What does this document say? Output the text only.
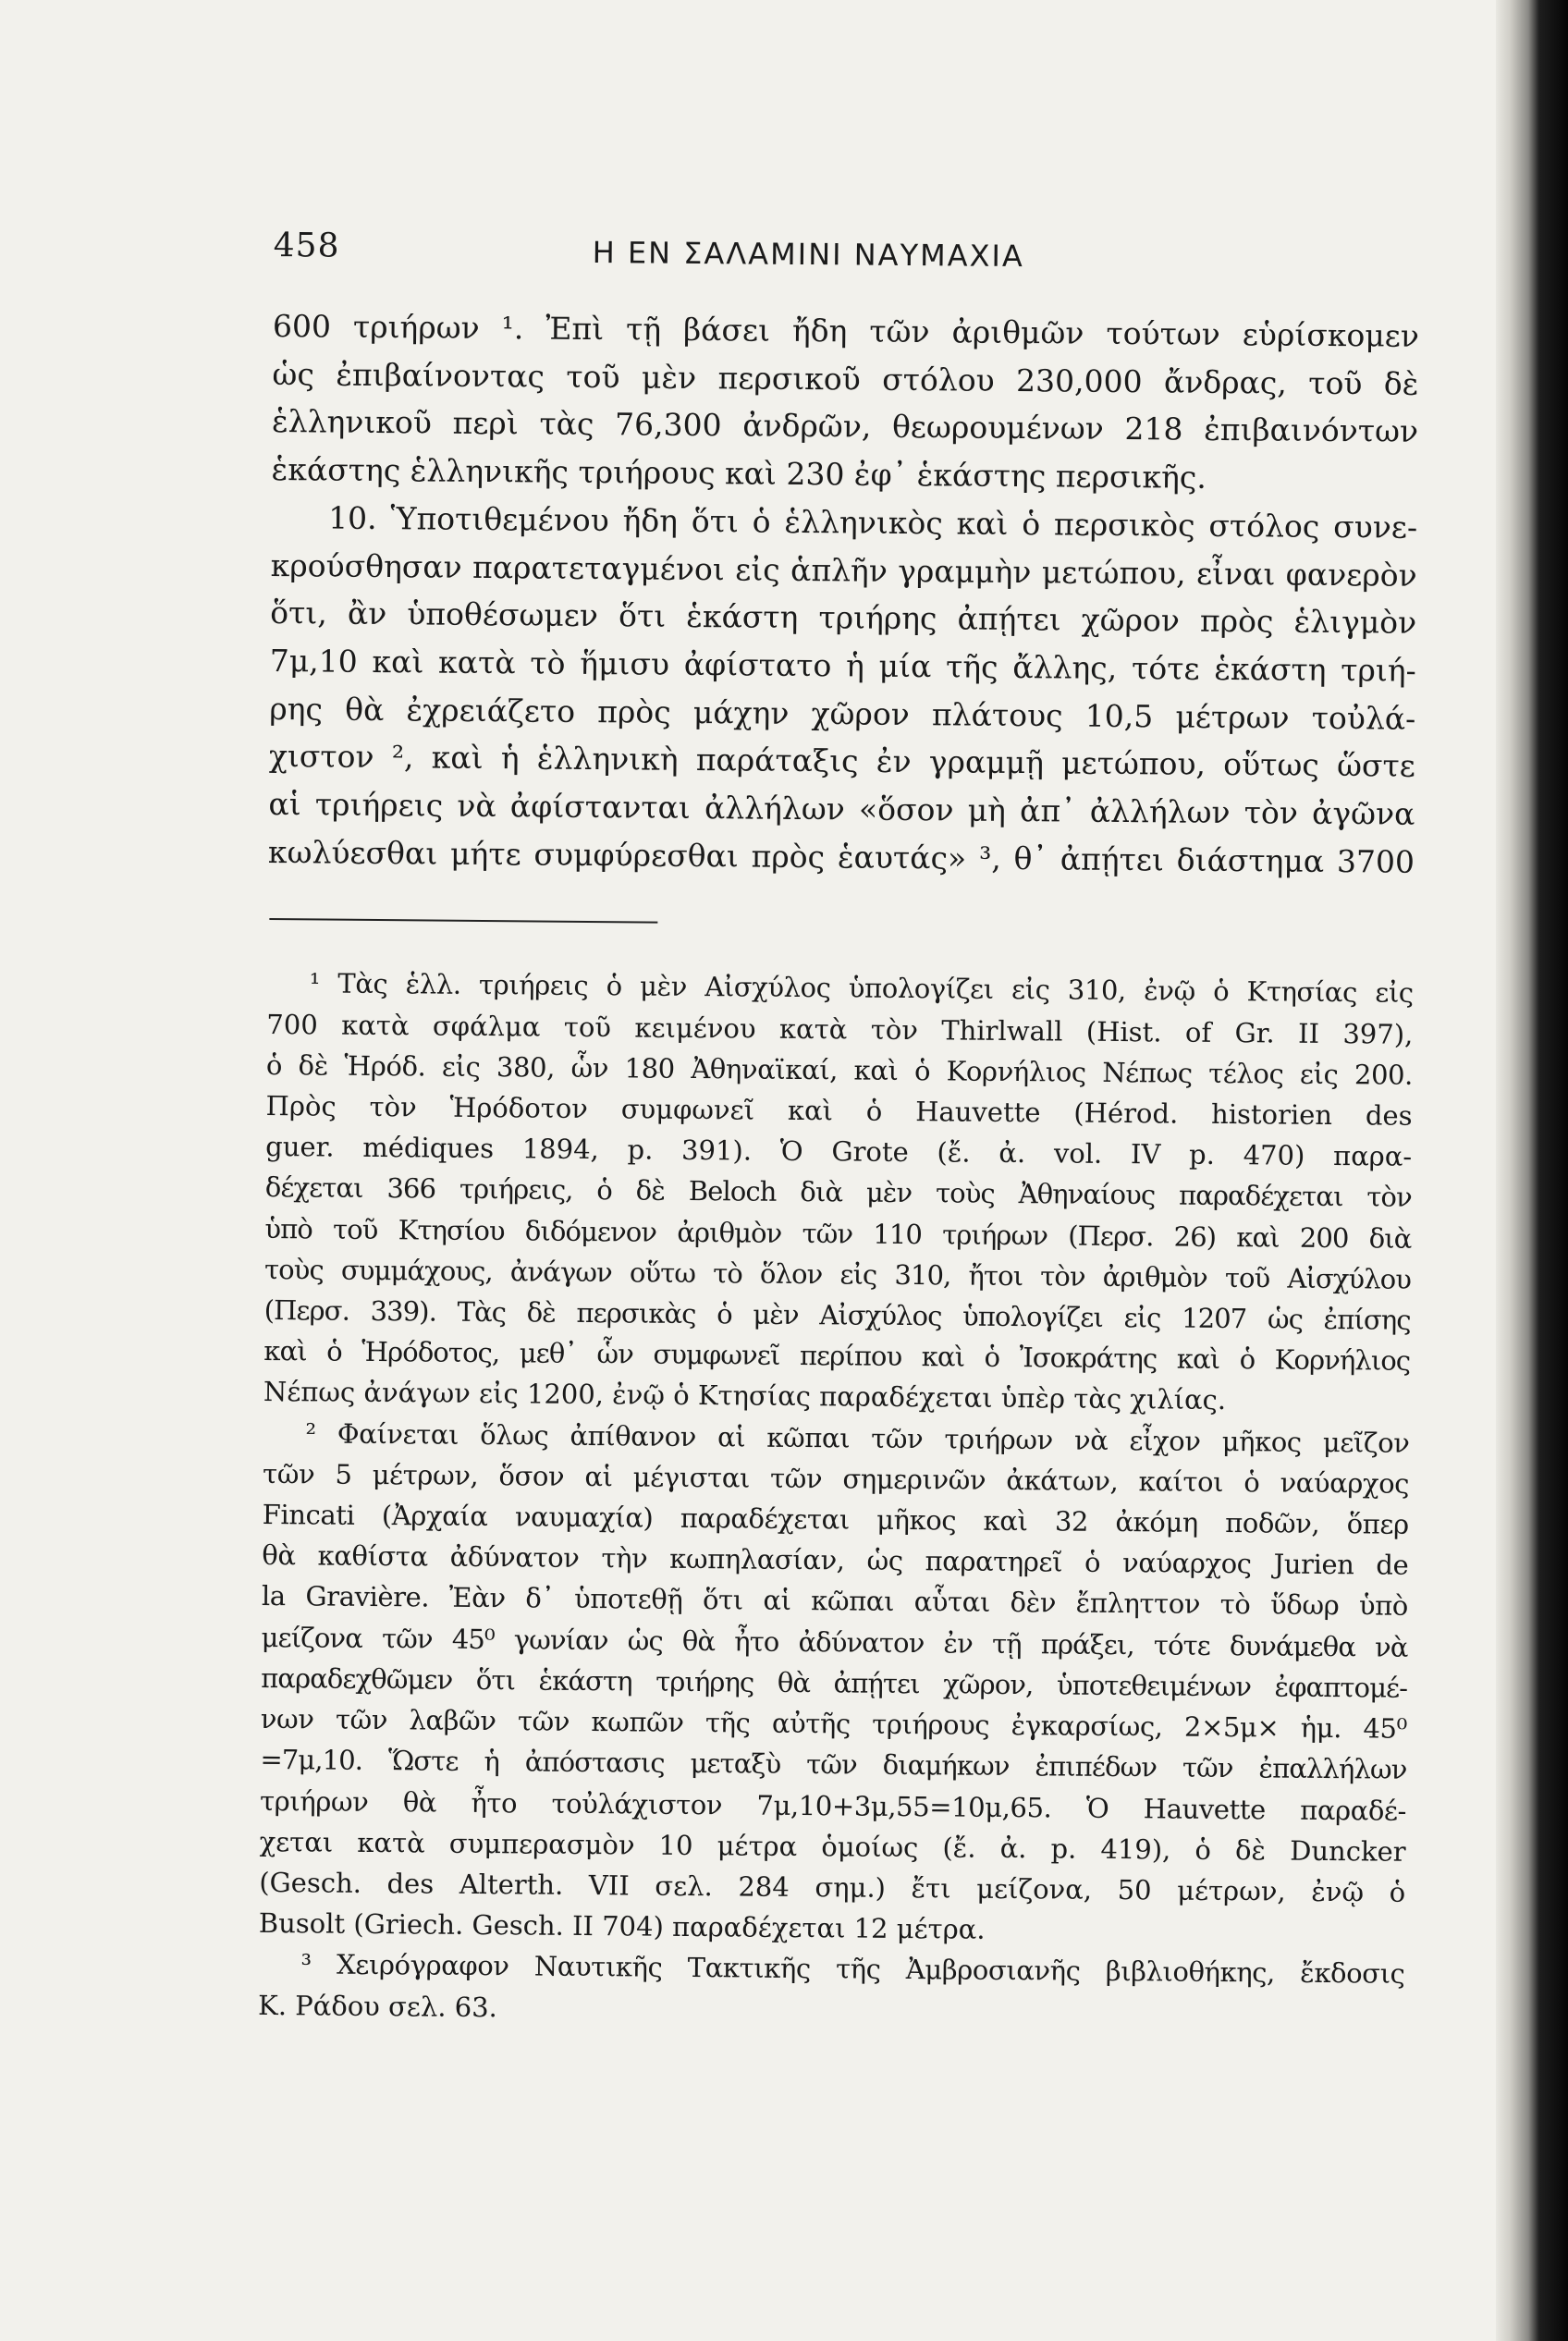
458	Η ΕΝ ΣΑΛΑΜΙΝΙ ΝΑΥΜΑΧΙΑ

600 τριήρων ¹. Ἐπὶ τῇ βάσει ἤδη τῶν ἀριθμῶν τούτων εὑρίσκομεν

ὡς ἐπιβαίνοντας τοῦ μὲν περσικοῦ στόλου 230,000 ἄνδρας, τοῦ δὲ

ἑλληνικοῦ περὶ τὰς 76,300 ἀνδρῶν, θεωρουμένων 218 ἐπιβαινόντων

ἑκάστης ἑλληνικῆς τριήρους καὶ 230 ἐφ᾿ ἑκάστης περσικῆς.

10. Ὑποτιθεμένου ἤδη ὅτι ὁ ἑλληνικὸς καὶ ὁ περσικὸς στόλος συνε-

κρούσθησαν παρατεταγμένοι εἰς ἁπλῆν γραμμὴν μετώπου, εἶναι φανερὸν

ὅτι, ἂν ὑποθέσωμεν ὅτι ἑκάστη τριήρης ἀπῄτει χῶρον πρὸς ἑλιγμὸν

7μ,10 καὶ κατὰ τὸ ἥμισυ ἀφίστατο ἡ μία τῆς ἄλλης, τότε ἑκάστη τριή-

ρης θὰ ἐχρειάζετο πρὸς μάχην χῶρον πλάτους 10,5 μέτρων τοὐλά-

χιστον ², καὶ ἡ ἑλληνικὴ παράταξις ἐν γραμμῇ μετώπου, οὕτως ὥστε

αἱ τριήρεις νὰ ἀφίστανται ἀλλήλων «ὅσον μὴ ἀπ᾿ ἀλλήλων τὸν ἀγῶνα

κωλύεσθαι μήτε συμφύρεσθαι πρὸς ἑαυτάς» ³, θ᾿ ἀπῄτει διάστημα 3700

¹ Τὰς ἑλλ. τριήρεις ὁ μὲν Αἰσχύλος ὑπολογίζει εἰς 310, ἐνῷ ὁ Κτησίας εἰς

700 κατὰ σφάλμα τοῦ κειμένου κατὰ τὸν Thirlwall (Hist. of Gr. II 397),

ὁ δὲ Ἡρόδ. εἰς 380, ὧν 180 Ἀθηναϊκαί, καὶ ὁ Κορνήλιος Νέπως τέλος εἰς 200.

Πρὸς τὸν Ἡρόδοτον συμφωνεῖ καὶ ὁ Hauvette (Hérod. historien des

guer. médiques 1894, p. 391). Ὁ Grote (ἔ. ἀ. vol. IV p. 470) παρα-

δέχεται 366 τριήρεις, ὁ δὲ Beloch διὰ μὲν τοὺς Ἀθηναίους παραδέχεται τὸν

ὑπὸ τοῦ Κτησίου διδόμενον ἀριθμὸν τῶν 110 τριήρων (Περσ. 26) καὶ 200 διὰ

τοὺς συμμάχους, ἀνάγων οὕτω τὸ ὅλον εἰς 310, ἤτοι τὸν ἀριθμὸν τοῦ Αἰσχύλου

(Περσ. 339). Τὰς δὲ περσικὰς ὁ μὲν Αἰσχύλος ὑπολογίζει εἰς 1207 ὡς ἐπίσης

καὶ ὁ Ἡρόδοτος, μεθ᾿ ὧν συμφωνεῖ περίπου καὶ ὁ Ἰσοκράτης καὶ ὁ Κορνήλιος

Νέπως ἀνάγων εἰς 1200, ἐνῷ ὁ Κτησίας παραδέχεται ὑπὲρ τὰς χιλίας.

² Φαίνεται ὅλως ἀπίθανον αἱ κῶπαι τῶν τριήρων νὰ εἶχον μῆκος μεῖζον

τῶν 5 μέτρων, ὅσον αἱ μέγισται τῶν σημερινῶν ἀκάτων, καίτοι ὁ ναύαρχος

Fincati (Ἀρχαία ναυμαχία) παραδέχεται μῆκος καὶ 32 ἀκόμη ποδῶν, ὅπερ

θὰ καθίστα ἀδύνατον τὴν κωπηλασίαν, ὡς παρατηρεῖ ὁ ναύαρχος Jurien de

la Gravière. Ἐὰν δ᾿ ὑποτεθῇ ὅτι αἱ κῶπαι αὗται δὲν ἔπληττον τὸ ὕδωρ ὑπὸ

μείζονα τῶν 45⁰ γωνίαν ὡς θὰ ἦτο ἀδύνατον ἐν τῇ πράξει, τότε δυνάμεθα νὰ

παραδεχθῶμεν ὅτι ἑκάστη τριήρης θὰ ἀπῄτει χῶρον, ὑποτεθειμένων ἐφαπτομέ-

νων τῶν λαβῶν τῶν κωπῶν τῆς αὐτῆς τριήρους ἐγκαρσίως, 2×5μ× ἡμ. 45⁰

=7μ,10. Ὥστε ἡ ἀπόστασις μεταξὺ τῶν διαμήκων ἐπιπέδων τῶν ἐπαλλήλων

τριήρων θὰ ἦτο τοὐλάχιστον 7μ,10+3μ,55=10μ,65. Ὁ Hauvette παραδέ-

χεται κατὰ συμπερασμὸν 10 μέτρα ὁμοίως (ἔ. ἀ. p. 419), ὁ δὲ Duncker

(Gesch. des Alterth. VII σελ. 284 σημ.) ἔτι μείζονα, 50 μέτρων, ἐνῷ ὁ

Busolt (Griech. Gesch. II 704) παραδέχεται 12 μέτρα.

³ Χειρόγραφον Ναυτικῆς Τακτικῆς τῆς Ἀμβροσιανῆς βιβλιοθήκης, ἔκδοσις

Κ. Ράδου σελ. 63.
